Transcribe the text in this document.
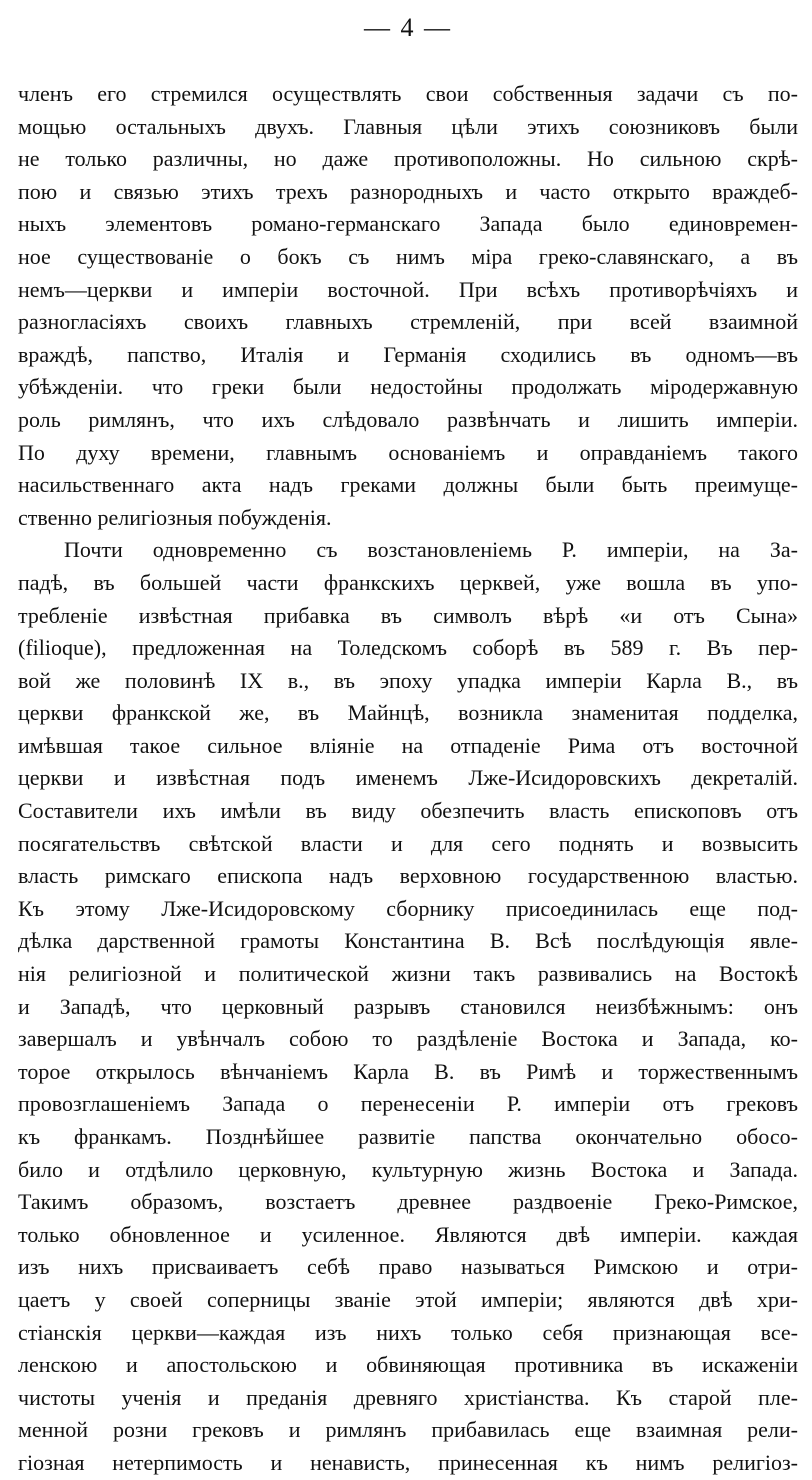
— 4 —
членъ его стремился осуществлять свои собственныя задачи съ по-
мощью остальныхъ двухъ. Главныя цѣли этихъ союзниковъ были
не только различны, но даже противоположны. Но сильною скрѣ-
пою и связью этихъ трехъ разнородныхъ и часто открыто враждеб-
ныхъ элементовъ романо-германскаго Запада было единовремен-
ное существованіе о бокъ съ нимъ міра греко-славянскаго, а въ
немъ—церкви и имперіи восточной. При всѣхъ противорѣчіяхъ и
разногласіяхъ своихъ главныхъ стремленій, при всей взаимной
враждѣ, папство, Италія и Германія сходились въ одномъ—въ
убѣжденіи. что греки были недостойны продолжать міродержавную
роль римлянъ, что ихъ слѣдовало развѣнчать и лишить имперіи.
По духу времени, главнымъ основаніемъ и оправданіемъ такого
насильственнаго акта надъ греками должны были быть преимуще-
ственно религіозныя побужденія.
Почти одновременно съ возстановленіемь Р. имперіи, на За-
падѣ, въ большей части франкскихъ церквей, уже вошла въ упо-
требленіе извѣстная прибавка въ символъ вѣрѣ «и отъ Сына»
(filioque), предложенная на Толедскомъ соборѣ въ 589 г. Въ пер-
вой же половинѣ IX в., въ эпоху упадка имперіи Карла В., въ
церкви франкской же, въ Майнцѣ, возникла знаменитая подделка,
имѣвшая такое сильное вліяніе на отпаденіе Рима отъ восточной
церкви и извѣстная подъ именемъ Лже-Исидоровскихъ декреталій.
Составители ихъ имѣли въ виду обезпечить власть епископовъ отъ
посягательствъ свѣтской власти и для сего поднять и возвысить
власть римскаго епископа надъ верховною государственною властью.
Къ этому Лже-Исидоровскому сборнику присоединилась еще под-
дѣлка дарственной грамоты Константина В. Всѣ послѣдующія явле-
нія религіозной и политической жизни такъ развивались на Востокѣ
и Западѣ, что церковный разрывъ становился неизбѣжнымъ: онъ
завершалъ и увѣнчалъ собою то раздѣленіе Востока и Запада, ко-
торое открылось вѣнчаніемъ Карла В. въ Римѣ и торжественнымъ
провозглашеніемъ Запада о перенесеніи Р. имперіи отъ грековъ
къ франкамъ. Позднѣйшее развитіе папства окончательно обосо-
било и отдѣлило церковную, культурную жизнь Востока и Запада.
Такимъ образомъ, возстаетъ древнее раздвоеніе Греко-Римское,
только обновленное и усиленное. Являются двѣ имперіи. каждая
изъ нихъ присваиваетъ себѣ право называться Римскою и отри-
цаетъ у своей соперницы званіе этой имперіи; являются двѣ хри-
стіанскія церкви—каждая изъ нихъ только себя признающая все-
ленскою и апостольскою и обвиняющая противника въ искаженіи
чистоты ученія и преданія древняго христіанства. Къ старой пле-
менной розни грековъ и римлянъ прибавилась еще взаимная рели-
гіозная нетерпимость и ненависть, принесенная къ нимъ религіоз-
